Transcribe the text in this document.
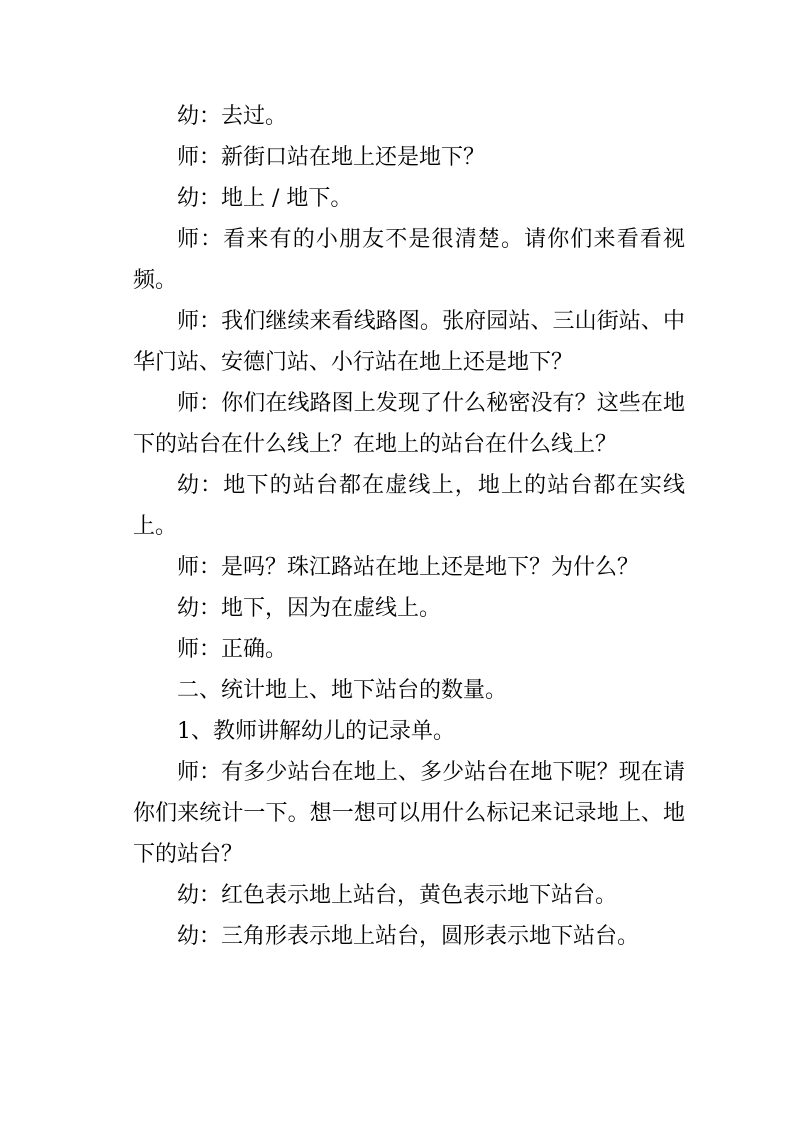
幼：去过。

师：新街口站在地上还是地下？

幼：地上 / 地下。

师：看来有的小朋友不是很清楚。请你们来看看视频。

师：我们继续来看线路图。张府园站、三山街站、中华门站、安德门站、小行站在地上还是地下？

师：你们在线路图上发现了什么秘密没有？这些在地下的站台在什么线上？在地上的站台在什么线上？

幼：地下的站台都在虚线上，地上的站台都在实线上。

师：是吗？珠江路站在地上还是地下？为什么？

幼：地下，因为在虚线上。

师：正确。

二、统计地上、地下站台的数量。

1、教师讲解幼儿的记录单。

师：有多少站台在地上、多少站台在地下呢？现在请你们来统计一下。想一想可以用什么标记来记录地上、地下的站台？

幼：红色表示地上站台，黄色表示地下站台。

幼：三角形表示地上站台，圆形表示地下站台。
